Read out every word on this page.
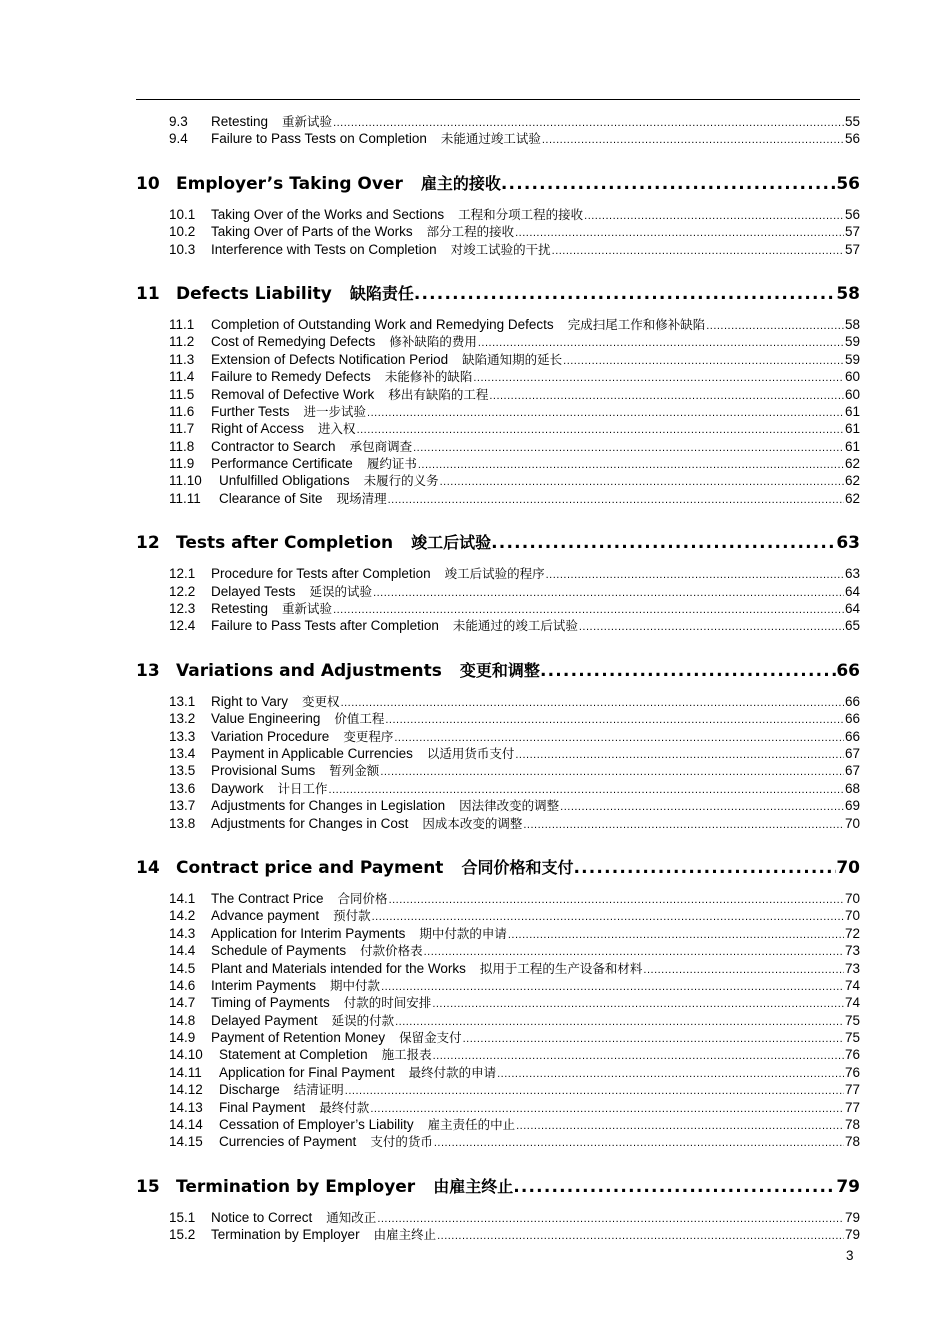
9.3	Retesting	重新试验 .....	55
9.4	Failure to Pass Tests on Completion	未能通过竣工试验 .....	56
10 Employer’s Taking Over	雇主的接收 .....	56
10.1	Taking Over of the Works and Sections	工程和分项工程的接收 .....	56
10.2	Taking Over of Parts of the Works	部分工程的接收 .....	57
10.3	Interference with Tests on Completion	对竣工试验的干扰 .....	57
11 Defects Liability	缺陷责任 .....	58
11.1	Completion of Outstanding Work and Remedying Defects	完成扫尾工作和修补缺陷 .....	58
11.2	Cost of Remedying Defects	修补缺陷的费用 .....	59
11.3	Extension of Defects Notification Period	缺陷通知期的延长 .....	59
11.4	Failure to Remedy Defects	未能修补的缺陷 .....	60
11.5	Removal of Defective Work	移出有缺陷的工程 .....	60
11.6	Further Tests	进一步试验 .....	61
11.7	Right of Access	进入权 .....	61
11.8	Contractor to Search	承包商调查 .....	61
11.9	Performance Certificate	履约证书 .....	62
11.10	Unfulfilled Obligations	未履行的义务 .....	62
11.11	Clearance of Site	现场清理 .....	62
12 Tests after Completion	竣工后试验 .....	63
12.1	Procedure for Tests after Completion	竣工后试验的程序 .....	63
12.2	Delayed Tests	延误的试验 .....	64
12.3	Retesting	重新试验 .....	64
12.4	Failure to Pass Tests after Completion	未能通过的竣工后试验 .....	65
13 Variations and Adjustments	变更和调整 .....	66
13.1	Right to Vary	变更权 .....	66
13.2	Value Engineering	价值工程 .....	66
13.3	Variation Procedure	变更程序 .....	66
13.4	Payment in Applicable Currencies	以适用货币支付 .....	67
13.5	Provisional Sums	暂列金额 .....	67
13.6	Daywork	计日工作 .....	68
13.7	Adjustments for Changes in Legislation	因法律改变的调整 .....	69
13.8	Adjustments for Changes in Cost	因成本改变的调整 .....	70
14 Contract price and Payment	合同价格和支付 .....	70
14.1	The Contract Price	合同价格 .....	70
14.2	Advance payment	预付款 .....	70
14.3	Application for Interim Payments	期中付款的申请 .....	72
14.4	Schedule of Payments	付款价格表 .....	73
14.5	Plant and Materials intended for the Works	拟用于工程的生产设备和材料 .....	73
14.6	Interim Payments	期中付款 .....	74
14.7	Timing of Payments	付款的时间安排 .....	74
14.8	Delayed Payment	延误的付款 .....	75
14.9	Payment of Retention Money	保留金支付 .....	75
14.10	Statement at Completion	施工报表 .....	76
14.11	Application for Final Payment	最终付款的申请 .....	76
14.12	Discharge	结清证明 .....	77
14.13	Final Payment	最终付款 .....	77
14.14	Cessation of Employer’s Liability	雇主责任的中止 .....	78
14.15	Currencies of Payment	支付的货币 .....	78
15 Termination by Employer	由雇主终止 .....	79
15.1	Notice to Correct	通知改正 .....	79
15.2	Termination by Employer	由雇主终止 .....	79
3
